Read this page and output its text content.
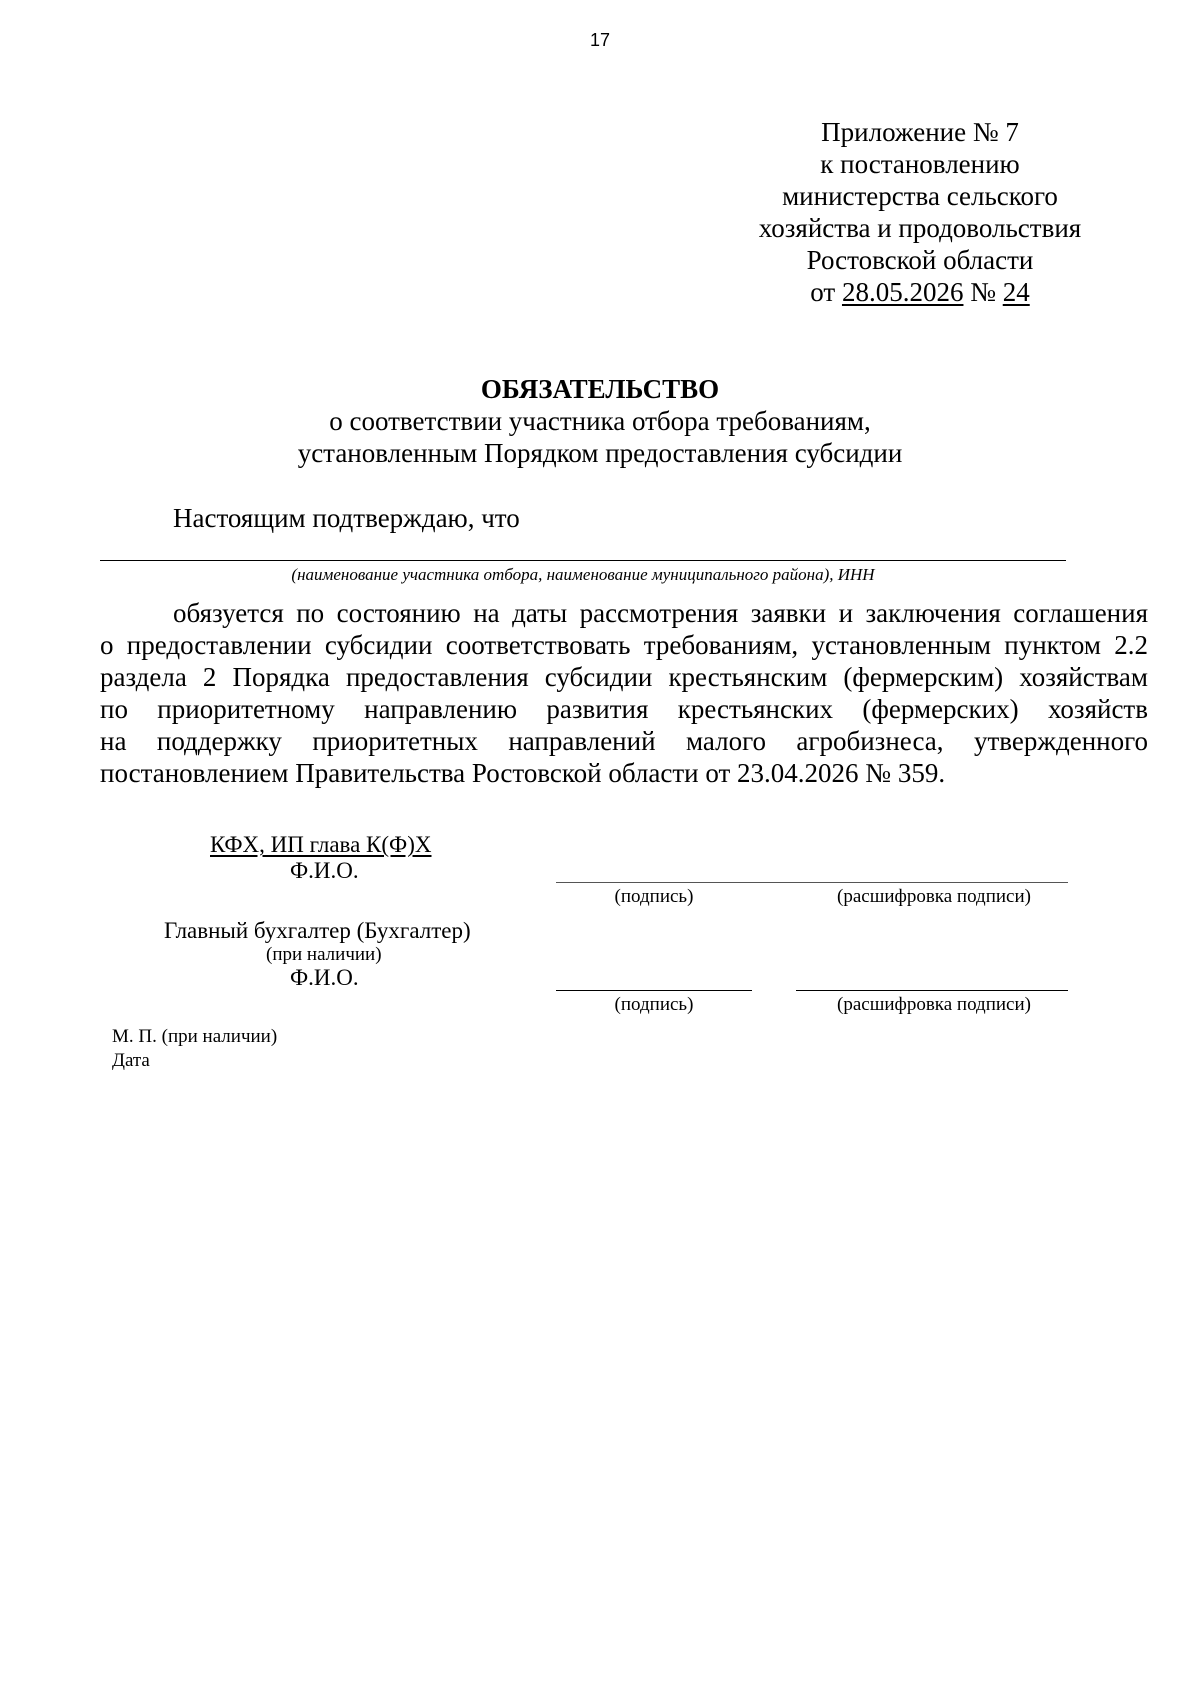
17
Приложение № 7
к постановлению
министерства сельского
хозяйства и продовольствия
Ростовской области
от 28.05.2026 № 24
ОБЯЗАТЕЛЬСТВО
о соответствии участника отбора требованиям,
установленным Порядком предоставления субсидии
Настоящим подтверждаю, что
(наименование участника отбора, наименование муниципального района), ИНН
обязуется по состоянию на даты рассмотрения заявки и заключения соглашения
о предоставлении субсидии соответствовать требованиям, установленным пунктом 2.2
раздела 2 Порядка предоставления субсидии крестьянским (фермерским) хозяйствам
по приоритетному направлению развития крестьянских (фермерских) хозяйств
на поддержку приоритетных направлений малого агробизнеса, утвержденного
постановлением Правительства Ростовской области от 23.04.2026 № 359.
КФХ, ИП глава К(Ф)Х
Ф.И.О.
(подпись)	(расшифровка подписи)
Главный бухгалтер (Бухгалтер)
(при наличии)
Ф.И.О.
(подпись)	(расшифровка подписи)
М. П. (при наличии)
Дата
